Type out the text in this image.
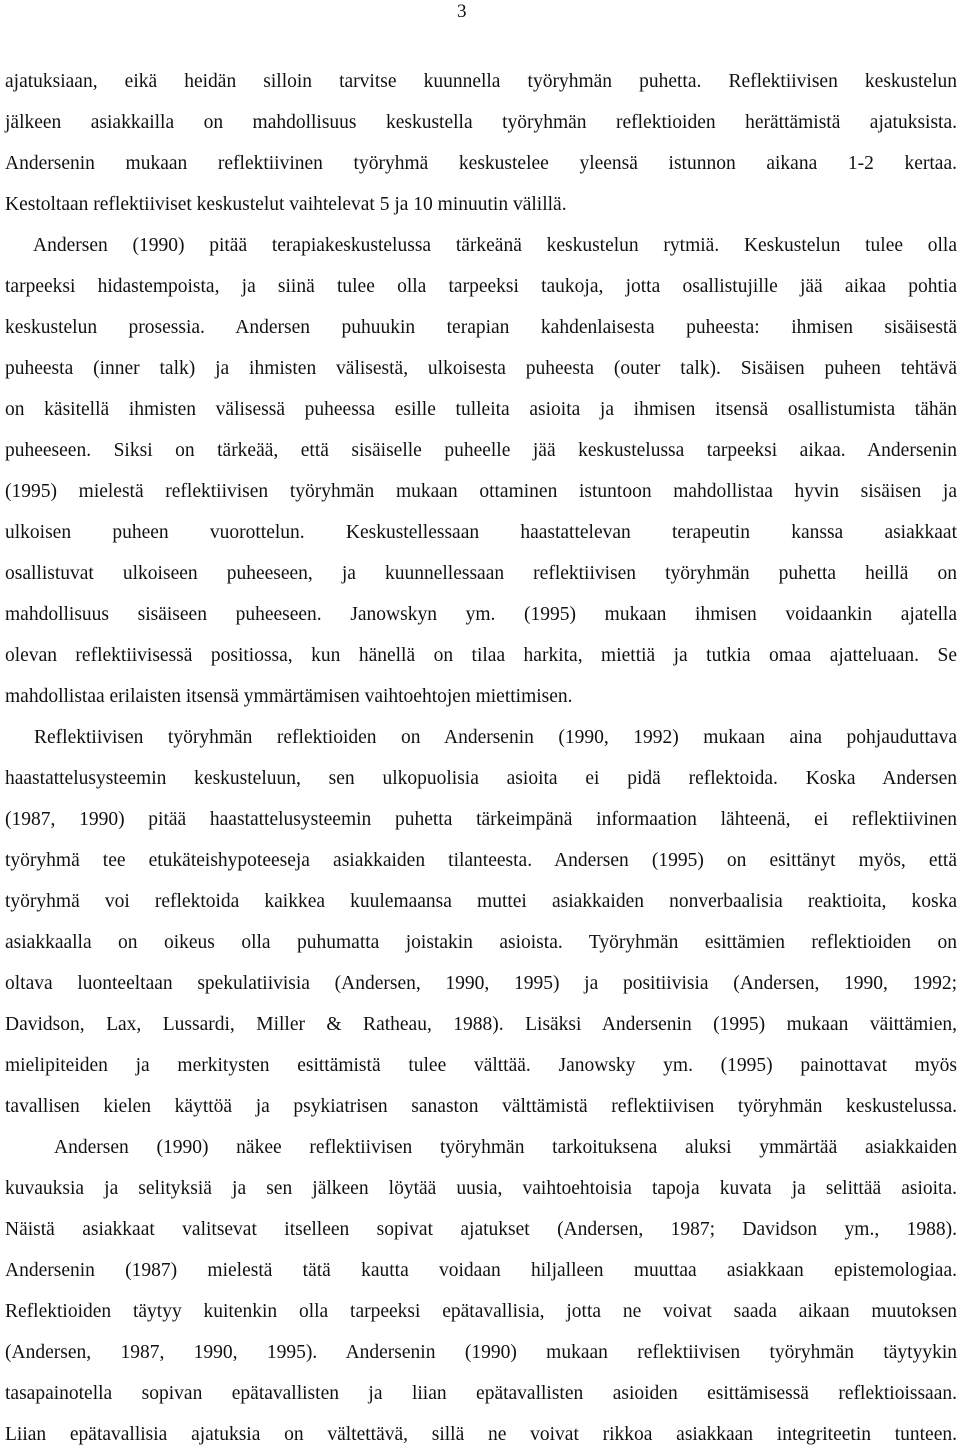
3
ajatuksiaan, eikä heidän silloin tarvitse kuunnella työryhmän puhetta. Reflektiivisen keskustelun
jälkeen asiakkailla on mahdollisuus keskustella työryhmän reflektioiden herättämistä ajatuksista.
Andersenin mukaan reflektiivinen työryhmä keskustelee yleensä istunnon aikana 1-2 kertaa.
Kestoltaan reflektiiviset keskustelut vaihtelevat 5 ja 10 minuutin välillä.
Andersen (1990) pitää terapiakeskustelussa tärkeänä keskustelun rytmiä. Keskustelun tulee olla
tarpeeksi hidastempoista, ja siinä tulee olla tarpeeksi taukoja, jotta osallistujille jää aikaa pohtia
keskustelun prosessia. Andersen puhuukin terapian kahdenlaisesta puheesta: ihmisen sisäisestä
puheesta (inner talk) ja ihmisten välisestä, ulkoisesta puheesta (outer talk). Sisäisen puheen tehtävä
on käsitellä ihmisten välisessä puheessa esille tulleita asioita ja ihmisen itsensä osallistumista tähän
puheeseen. Siksi on tärkeää, että sisäiselle puheelle jää keskustelussa tarpeeksi aikaa. Andersenin
(1995) mielestä reflektiivisen työryhmän mukaan ottaminen istuntoon mahdollistaa hyvin sisäisen ja
ulkoisen puheen vuorottelun. Keskustellessaan haastattelevan terapeutin kanssa asiakkaat
osallistuvat ulkoiseen puheeseen, ja kuunnellessaan reflektiivisen työryhmän puhetta heillä on
mahdollisuus sisäiseen puheeseen. Janowskyn ym. (1995) mukaan ihmisen voidaankin ajatella
olevan reflektiivisessä positiossa, kun hänellä on tilaa harkita, miettiä ja tutkia omaa ajatteluaan. Se
mahdollistaa erilaisten itsensä ymmärtämisen vaihtoehtojen miettimisen.
Reflektiivisen työryhmän reflektioiden on Andersenin (1990, 1992) mukaan aina pohjauduttava
haastattelusysteemin keskusteluun, sen ulkopuolisia asioita ei pidä reflektoida. Koska Andersen
(1987, 1990) pitää haastattelusysteemin puhetta tärkeimpänä informaation lähteenä, ei reflektiivinen
työryhmä tee etukäteishypoteeseja asiakkaiden tilanteesta. Andersen (1995) on esittänyt myös, että
työryhmä voi reflektoida kaikkea kuulemaansa muttei asiakkaiden nonverbaalisia reaktioita, koska
asiakkaalla on oikeus olla puhumatta joistakin asioista. Työryhmän esittämien reflektioiden on
oltava luonteeltaan spekulatiivisia (Andersen, 1990, 1995) ja positiivisia (Andersen, 1990, 1992;
Davidson, Lax, Lussardi, Miller & Ratheau, 1988). Lisäksi Andersenin (1995) mukaan väittämien,
mielipiteiden ja merkitysten esittämistä tulee välttää. Janowsky ym. (1995) painottavat myös
tavallisen kielen käyttöä ja psykiatrisen sanaston välttämistä reflektiivisen työryhmän keskustelussa.
Andersen (1990) näkee reflektiivisen työryhmän tarkoituksena aluksi ymmärtää asiakkaiden
kuvauksia ja selityksiä ja sen jälkeen löytää uusia, vaihtoehtoisia tapoja kuvata ja selittää asioita.
Näistä asiakkaat valitsevat itselleen sopivat ajatukset (Andersen, 1987; Davidson ym., 1988).
Andersenin (1987) mielestä tätä kautta voidaan hiljalleen muuttaa asiakkaan epistemologiaa.
Reflektioiden täytyy kuitenkin olla tarpeeksi epätavallisia, jotta ne voivat saada aikaan muutoksen
(Andersen, 1987, 1990, 1995). Andersenin (1990) mukaan reflektiivisen työryhmän täytyykin
tasapainotella sopivan epätavallisten ja liian epätavallisten asioiden esittämisessä reflektioissaan.
Liian epätavallisia ajatuksia on vältettävä, sillä ne voivat rikkoa asiakkaan integriteetin tunteen.
